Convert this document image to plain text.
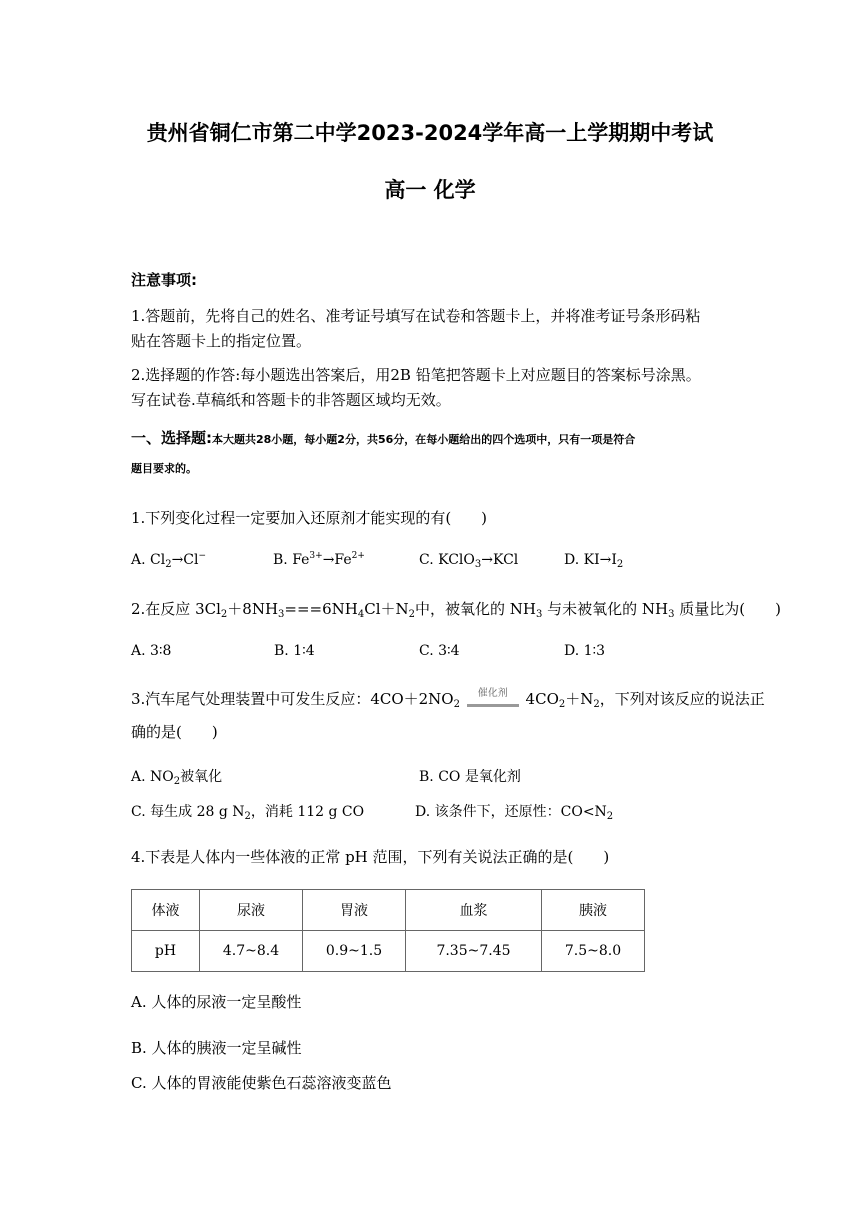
贵州省铜仁市第二中学2023-2024学年高一上学期期中考试
高一 化学
注意事项:
1.答题前，先将自己的姓名、准考证号填写在试卷和答题卡上，并将准考证号条形码粘
贴在答题卡上的指定位置。
2.选择题的作答:每小题选出答案后，用2B 铅笔把答题卡上对应题目的答案标号涂黑。
写在试卷.草稿纸和答题卡的非答题区域均无效。
一、选择题:本大题共28小题，每小题2分，共56分，在每小题给出的四个选项中，只有一项是符合
题目要求的。
1.下列变化过程一定要加入还原剂才能实现的有(　　)
A. $Cl_2\to Cl^-$	B. $Fe^{3+}\to Fe^{2+}$	C. KClO$_3$→KCl	D. $KI\to I_2$
2.在反应 $3Cl_2+8NH_3===6NH_4Cl+N_2$中，被氧化的 $NH_3$ 与未被氧化的 $NH_3$ 质量比为(　　)
A. 3∶8	B. 1∶4	C. 3∶4	D. 1∶3
3.汽车尾气处理装置中可发生反应：$4CO+2NO_2$
催化剂	$4CO_2+N_2$，下列对该反应的说法正
确的是(　　)
A. $NO_2$被氧化	B. CO 是氧化剂
C. 每生成 28 g $N_2$，消耗 112 g CO	D. 该条件下，还原性：$CO<N_2$
4.下表是人体内一些体液的正常 pH 范围，下列有关说法正确的是(　　)
体液	尿液	胃液	血浆	胰液
pH	4.7~8.4	0.9~1.5	7.35~7.45	7.5~8.0
A. 人体的尿液一定呈酸性
B. 人体的胰液一定呈碱性
C. 人体的胃液能使紫色石蕊溶液变蓝色
